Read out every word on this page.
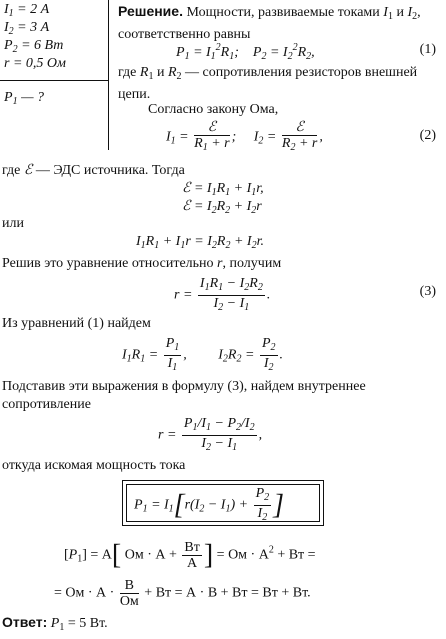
$I_1 = 2$ А
$I_2 = 3$ А
$P_2 = 6$ Вт
r = 0,5 Ом
$P_1$ — ?
Решение. Мощности, развиваемые токами $I_1$ и $I_2$, соответственно равны
$P_1 = I_1^2R_1$;    $P_2 = I_2^2R_2$,	(1)
где $R_1$ и $R_2$ — сопротивления резисторов внешней цепи.
Согласно закону Ома,
$I_1 = \frac{\text{ℰ}}{R_1 + r}$ ;     $I_2 = \frac{\text{ℰ}}{R_2 + r}$ ,	(2)
где ℰ — ЭДС источника. Тогда
ℰ = $I_1R_1 + I_1r$,
ℰ = $I_2R_2 + I_2r$
или
$I_1R_1 + I_1r = I_2R_2 + I_2r$.
Решив это уравнение относительно r, получим
$r = \frac{I_1R_1 - I_2R_2}{I_2 - I_1}$ .	(3)
Из уравнений (1) найдем
$I_1R_1 = \frac{P_1}{I_1}$ ,         $I_2R_2 = \frac{P_2}{I_2}$ .
Подставив эти выражения в формулу (3), найдем внутреннее сопротивление
$r = \frac{P_1/I_1 - P_2/I_2}{I_2 - I_1}$ ,
откуда искомая мощность тока
$P_1 = I_1[r(I_2 - I_1) + \frac{P_2}{I_2}$ ]
$[P_1] = А$[ Ом · $А + \frac{Вт}{А}$ ] = Ом · $А^2$ + Вт =
= Ом · $А \cdot \frac{В}{Ом}$ + Вт = А · В + Вт = Вт + Вт.
Ответ: $P_1 = 5$ Вт.
